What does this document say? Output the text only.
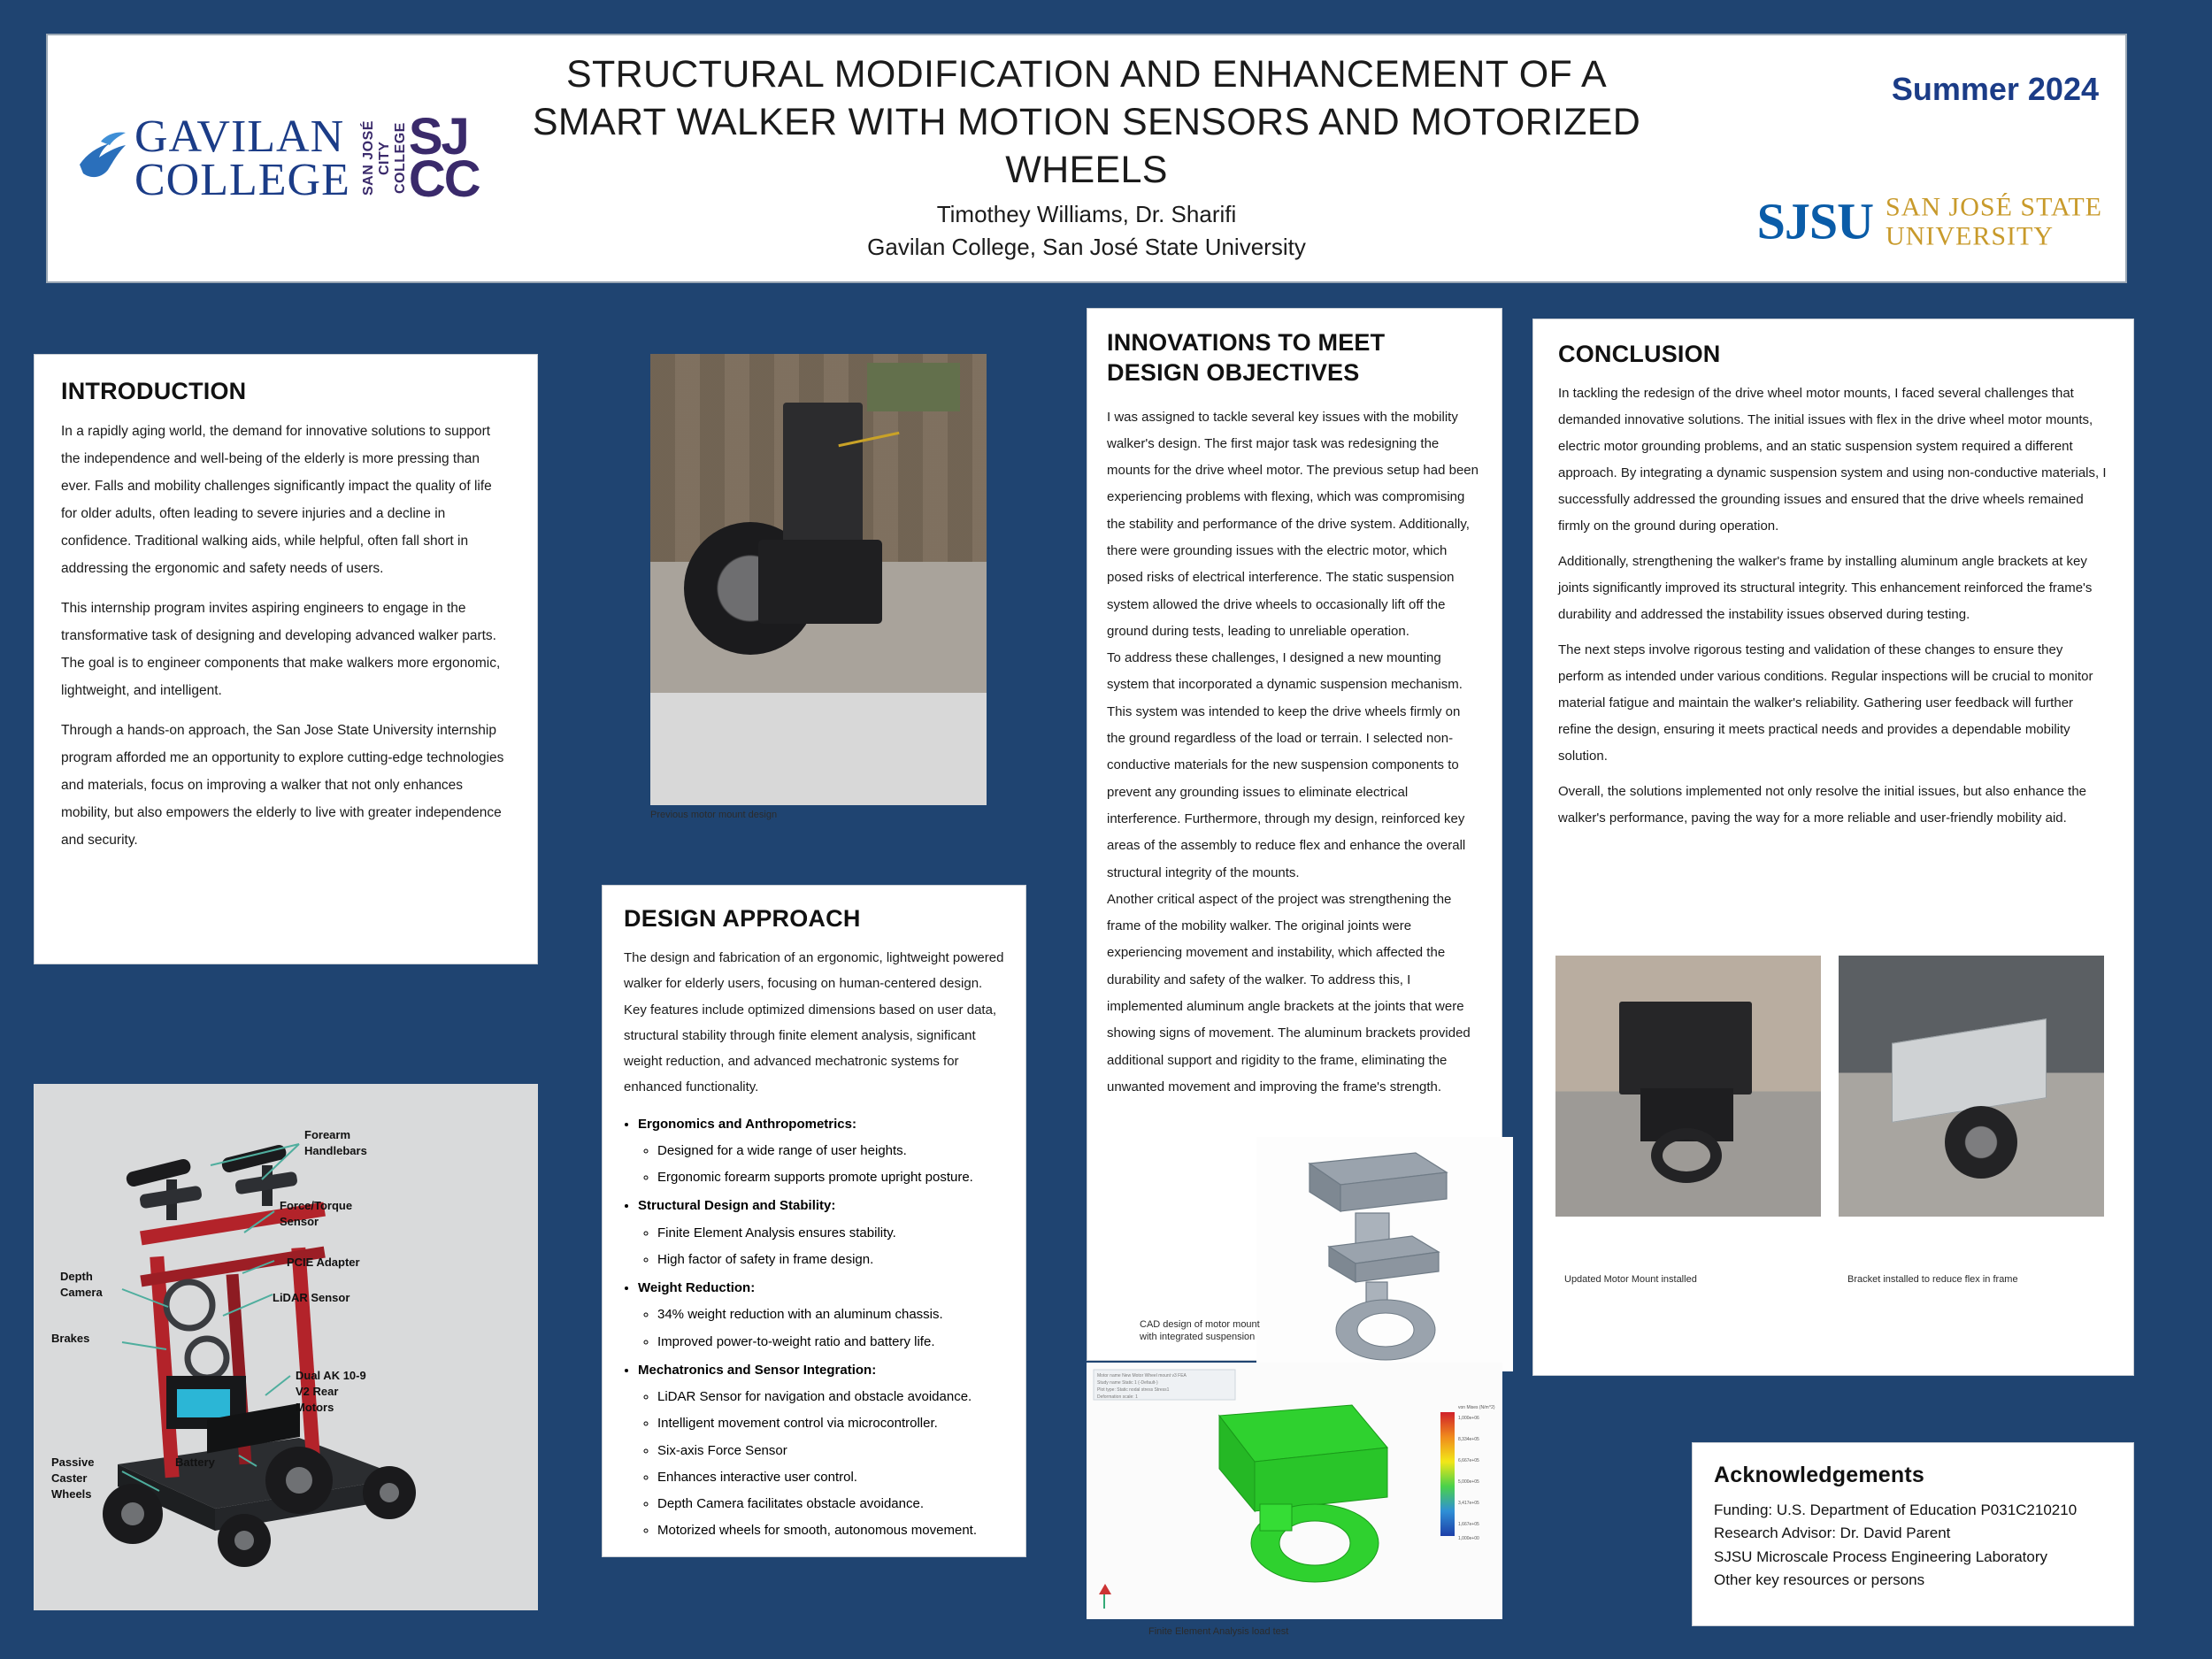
GAVILAN
COLLEGE SAN JOSÉ CITY COLLEGE SJ
CC
STRUCTURAL MODIFICATION AND ENHANCEMENT OF A SMART WALKER WITH MOTION SENSORS AND MOTORIZED WHEELS
Timothey Williams, Dr. Sharifi
Gavilan College, San José State University
Summer 2024
SJSU SAN JOSÉ STATE
UNIVERSITY
INTRODUCTION

In a rapidly aging world, the demand for innovative solutions to support the independence and well-being of the elderly is more pressing than ever. Falls and mobility challenges significantly impact the quality of life for older adults, often leading to severe injuries and a decline in confidence. Traditional walking aids, while helpful, often fall short in addressing the ergonomic and safety needs of users.

This internship program invites aspiring engineers to engage in the transformative task of designing and developing advanced walker parts. The goal is to engineer components that make walkers more ergonomic, lightweight, and intelligent.

Through a hands-on approach, the San Jose State University internship program afforded me an opportunity to explore cutting-edge technologies and materials, focus on improving a walker that not only enhances mobility, but also empowers the elderly to live with greater independence and security.

Previous motor mount design
Forearm
Handlebars
Force/Torque
Sensor
PCIE Adapter
LiDAR Sensor
Dual AK 10-9
V2 Rear
Motors
Depth
Camera
Brakes
Passive
Caster
Wheels
Battery
DESIGN APPROACH

The design and fabrication of an ergonomic, lightweight powered walker for elderly users, focusing on human-centered design. Key features include optimized dimensions based on user data, structural stability through finite element analysis, significant weight reduction, and advanced mechatronic systems for enhanced functionality.

• Ergonomics and Anthropometrics:
◦ Designed for a wide range of user heights.
◦ Ergonomic forearm supports promote upright posture.
• Structural Design and Stability:
◦ Finite Element Analysis ensures stability.
◦ High factor of safety in frame design.
• Weight Reduction:
◦ 34% weight reduction with an aluminum chassis.
◦ Improved power-to-weight ratio and battery life.
• Mechatronics and Sensor Integration:
◦ LiDAR Sensor for navigation and obstacle avoidance.
◦ Intelligent movement control via microcontroller.
◦ Six-axis Force Sensor
◦ Enhances interactive user control.
◦ Depth Camera facilitates obstacle avoidance.
◦ Motorized wheels for smooth, autonomous movement.
INNOVATIONS TO MEET
DESIGN OBJECTIVES

I was assigned to tackle several key issues with the mobility walker's design. The first major task was redesigning the mounts for the drive wheel motor. The previous setup had been experiencing problems with flexing, which was compromising the stability and performance of the drive system. Additionally, there were grounding issues with the electric motor, which posed risks of electrical interference. The static suspension system allowed the drive wheels to occasionally lift off the ground during tests, leading to unreliable operation.

To address these challenges, I designed a new mounting system that incorporated a dynamic suspension mechanism. This system was intended to keep the drive wheels firmly on the ground regardless of the load or terrain. I selected non-conductive materials for the new suspension components to prevent any grounding issues to eliminate electrical interference. Furthermore, through my design, reinforced key areas of the assembly to reduce flex and enhance the overall structural integrity of the mounts.

Another critical aspect of the project was strengthening the frame of the mobility walker. The original joints were experiencing movement and instability, which affected the durability and safety of the walker. To address this, I implemented aluminum angle brackets at the joints that were showing signs of movement. The aluminum brackets provided additional support and rigidity to the frame, eliminating the unwanted movement and improving the frame's strength.

CAD design of motor mount
with integrated suspension
Motor name New Motor Wheel mount v3 FEA
Study name Static 1 (-Default-)
Plot type: Static nodal stress Stress1
Deformation scale: 1
von Mises (N/m^2)
1,000e+06
8,334e+05
6,667e+05
5,000e+05
3,417e+05
1,667e+05
1,000e+00
Finite Element Analysis load test
CONCLUSION

In tackling the redesign of the drive wheel motor mounts, I faced several challenges that demanded innovative solutions. The initial issues with flex in the drive wheel motor mounts, electric motor grounding problems, and an static suspension system required a different approach. By integrating a dynamic suspension system and using non-conductive materials, I successfully addressed the grounding issues and ensured that the drive wheels remained firmly on the ground during operation.

Additionally, strengthening the walker's frame by installing aluminum angle brackets at key joints significantly improved its structural integrity. This enhancement reinforced the frame's durability and addressed the instability issues observed during testing.

The next steps involve rigorous testing and validation of these changes to ensure they perform as intended under various conditions. Regular inspections will be crucial to monitor material fatigue and maintain the walker's reliability. Gathering user feedback will further refine the design, ensuring it meets practical needs and provides a dependable mobility solution.

Overall, the solutions implemented not only resolve the initial issues, but also enhance the walker's performance, paving the way for a more reliable and user-friendly mobility aid.

Updated Motor Mount installed	Bracket installed to reduce flex in frame
Acknowledgements
Funding: U.S. Department of Education P031C210210
Research Advisor: Dr. David Parent
SJSU Microscale Process Engineering Laboratory
Other key resources or persons
